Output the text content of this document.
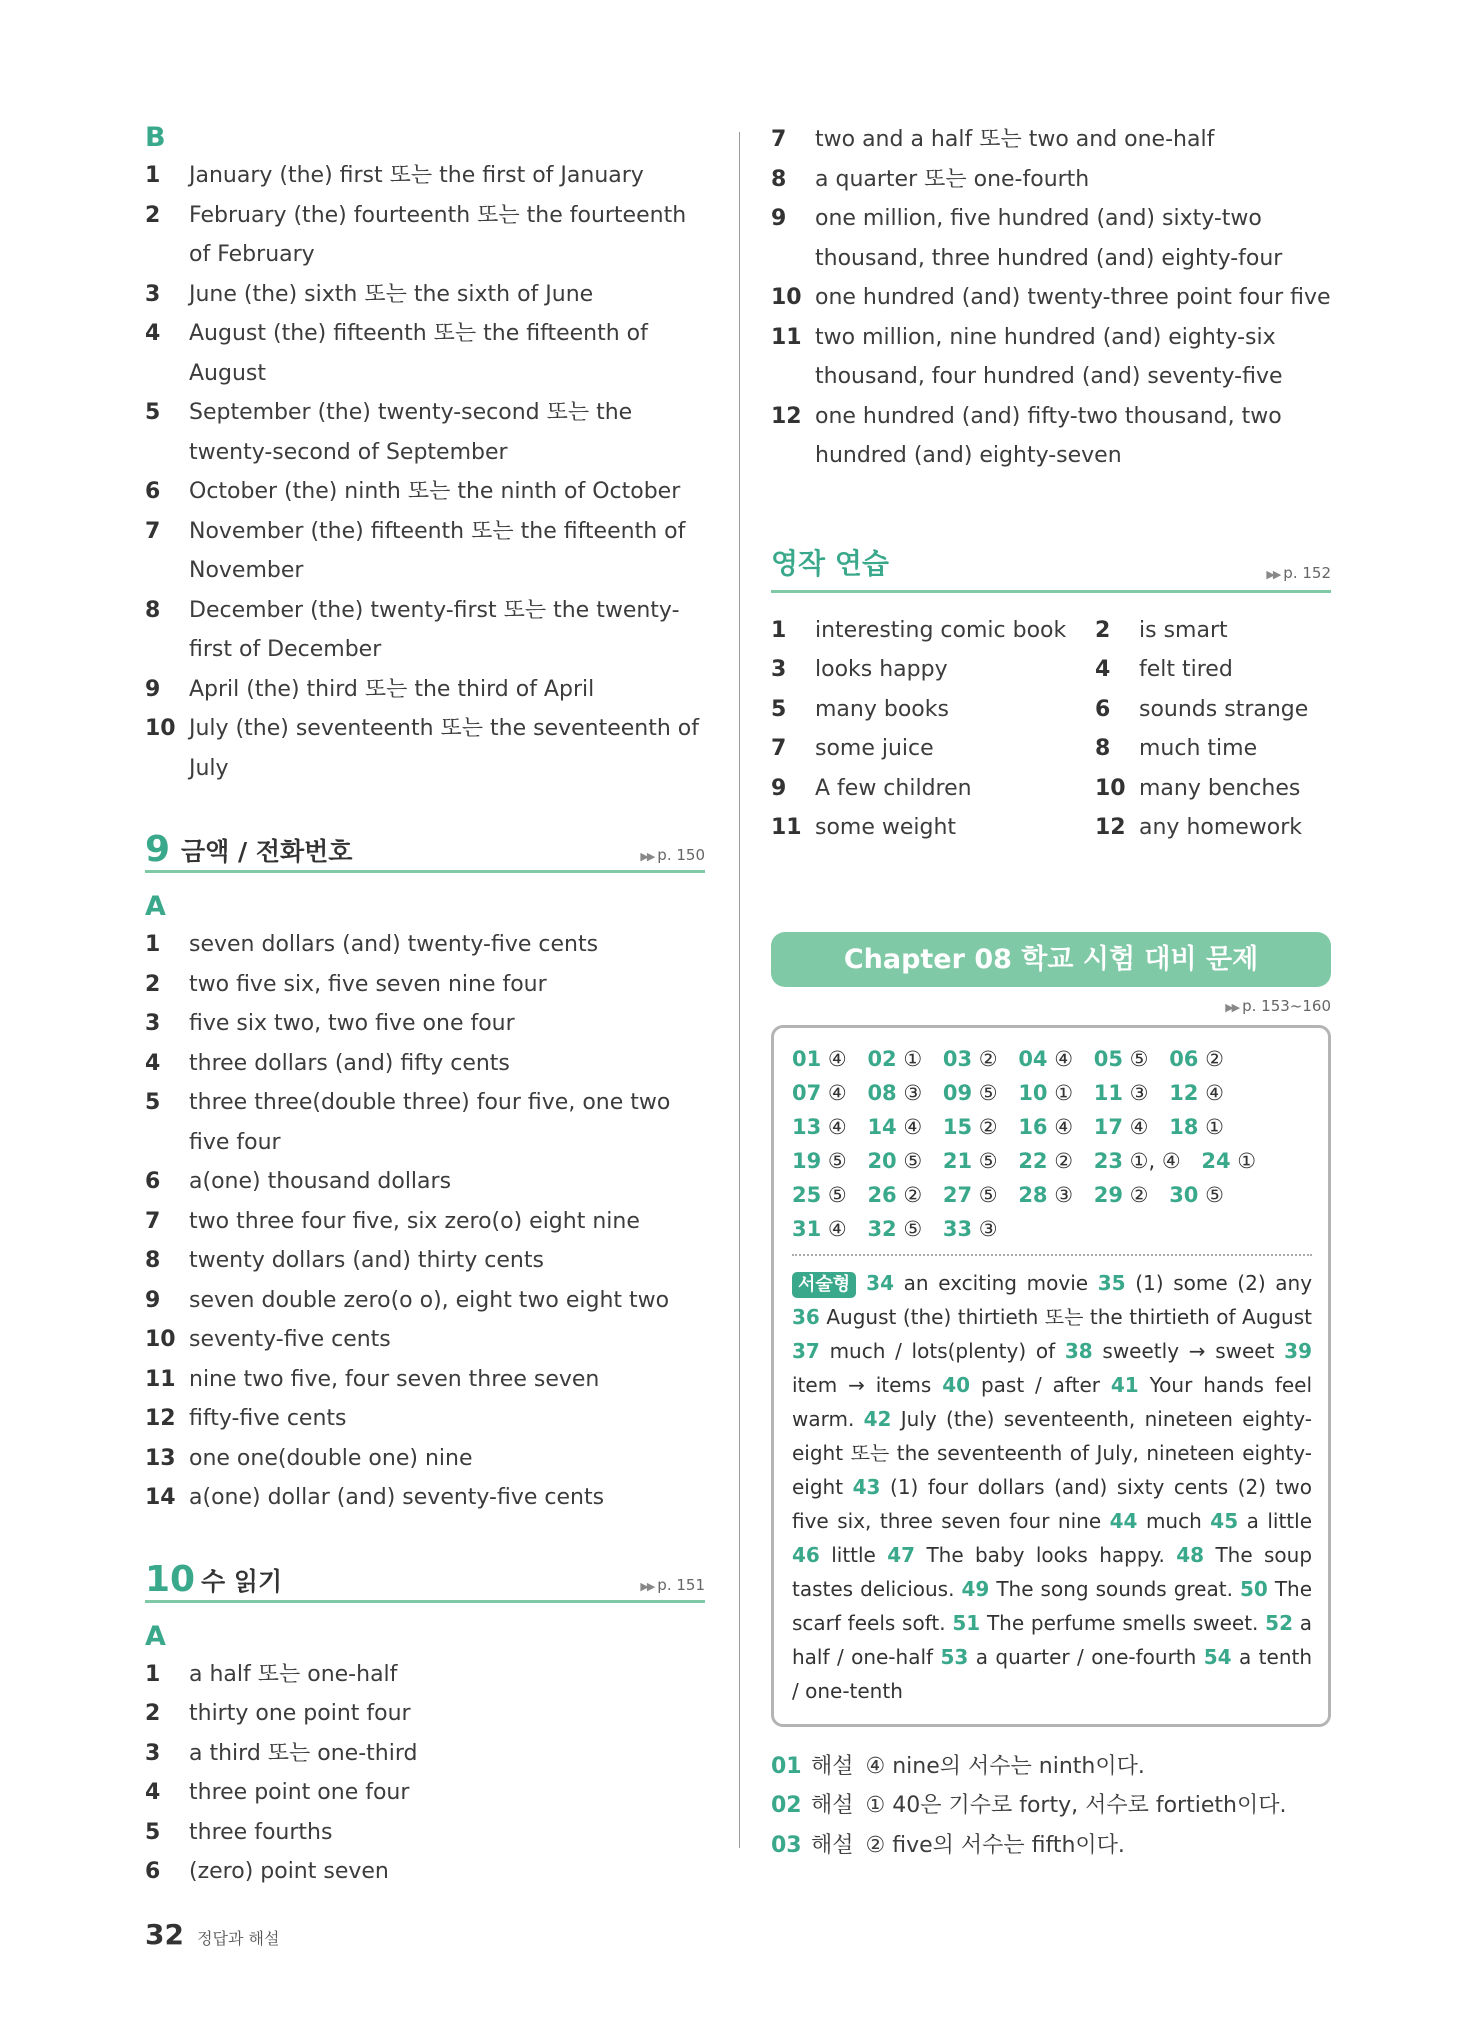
B
1 January (the) first 또는 the first of January
2 February (the) fourteenth 또는 the fourteenth of February
3 June (the) sixth 또는 the sixth of June
4 August (the) fifteenth 또는 the fifteenth of August
5 September (the) twenty-second 또는 the twenty-second of September
6 October (the) ninth 또는 the ninth of October
7 November (the) fifteenth 또는 the fifteenth of November
8 December (the) twenty-first 또는 the twenty-first of December
9 April (the) third 또는 the third of April
10 July (the) seventeenth 또는 the seventeenth of July
9 금액 / 전화번호	▶▶ p. 150
A
1 seven dollars (and) twenty-five cents
2 two five six, five seven nine four
3 five six two, two five one four
4 three dollars (and) fifty cents
5 three three(double three) four five, one two five four
6 a(one) thousand dollars
7 two three four five, six zero(o) eight nine
8 twenty dollars (and) thirty cents
9 seven double zero(o o), eight two eight two
10 seventy-five cents
11 nine two five, four seven three seven
12 fifty-five cents
13 one one(double one) nine
14 a(one) dollar (and) seventy-five cents
10 수 읽기	▶▶ p. 151
A
1 a half 또는 one-half
2 thirty one point four
3 a third 또는 one-third
4 three point one four
5 three fourths
6 (zero) point seven
7 two and a half 또는 two and one-half
8 a quarter 또는 one-fourth
9 one million, five hundred (and) sixty-two thousand, three hundred (and) eighty-four
10 one hundred (and) twenty-three point four five
11 two million, nine hundred (and) eighty-six thousand, four hundred (and) seventy-five
12 one hundred (and) fifty-two thousand, two hundred (and) eighty-seven
영작 연습	▶▶ p. 152
1 interesting comic book	2 is smart
3 looks happy	4 felt tired
5 many books	6 sounds strange
7 some juice	8 much time
9 A few children	10 many benches
11 some weight	12 any homework
Chapter 08 학교 시험 대비 문제
▶▶ p. 153~160
01 ④ 02 ① 03 ② 04 ④ 05 ⑤ 06 ② 07 ④ 08 ③ 09 ⑤ 10 ① 11 ③ 12 ④ 13 ④ 14 ④ 15 ② 16 ④ 17 ④ 18 ① 19 ⑤ 20 ⑤ 21 ⑤ 22 ② 23 ①, ④ 24 ① 25 ⑤ 26 ② 27 ⑤ 28 ③ 29 ② 30 ⑤ 31 ④ 32 ⑤ 33 ③
서술형 34 an exciting movie 35 (1) some (2) any 36 August (the) thirtieth 또는 the thirtieth of August 37 much / lots(plenty) of 38 sweetly → sweet 39 item → items 40 past / after 41 Your hands feel warm. 42 July (the) seventeenth, nineteen eighty-eight 또는 the seventeenth of July, nineteen eighty-eight 43 (1) four dollars (and) sixty cents (2) two five six, three seven four nine 44 much 45 a little 46 little 47 The baby looks happy. 48 The soup tastes delicious. 49 The song sounds great. 50 The scarf feels soft. 51 The perfume smells sweet. 52 a half / one-half 53 a quarter / one-fourth 54 a tenth / one-tenth
01 해설 ④ nine의 서수는 ninth이다.
02 해설 ① 40은 기수로 forty, 서수로 fortieth이다.
03 해설 ② five의 서수는 fifth이다.
32 정답과 해설
